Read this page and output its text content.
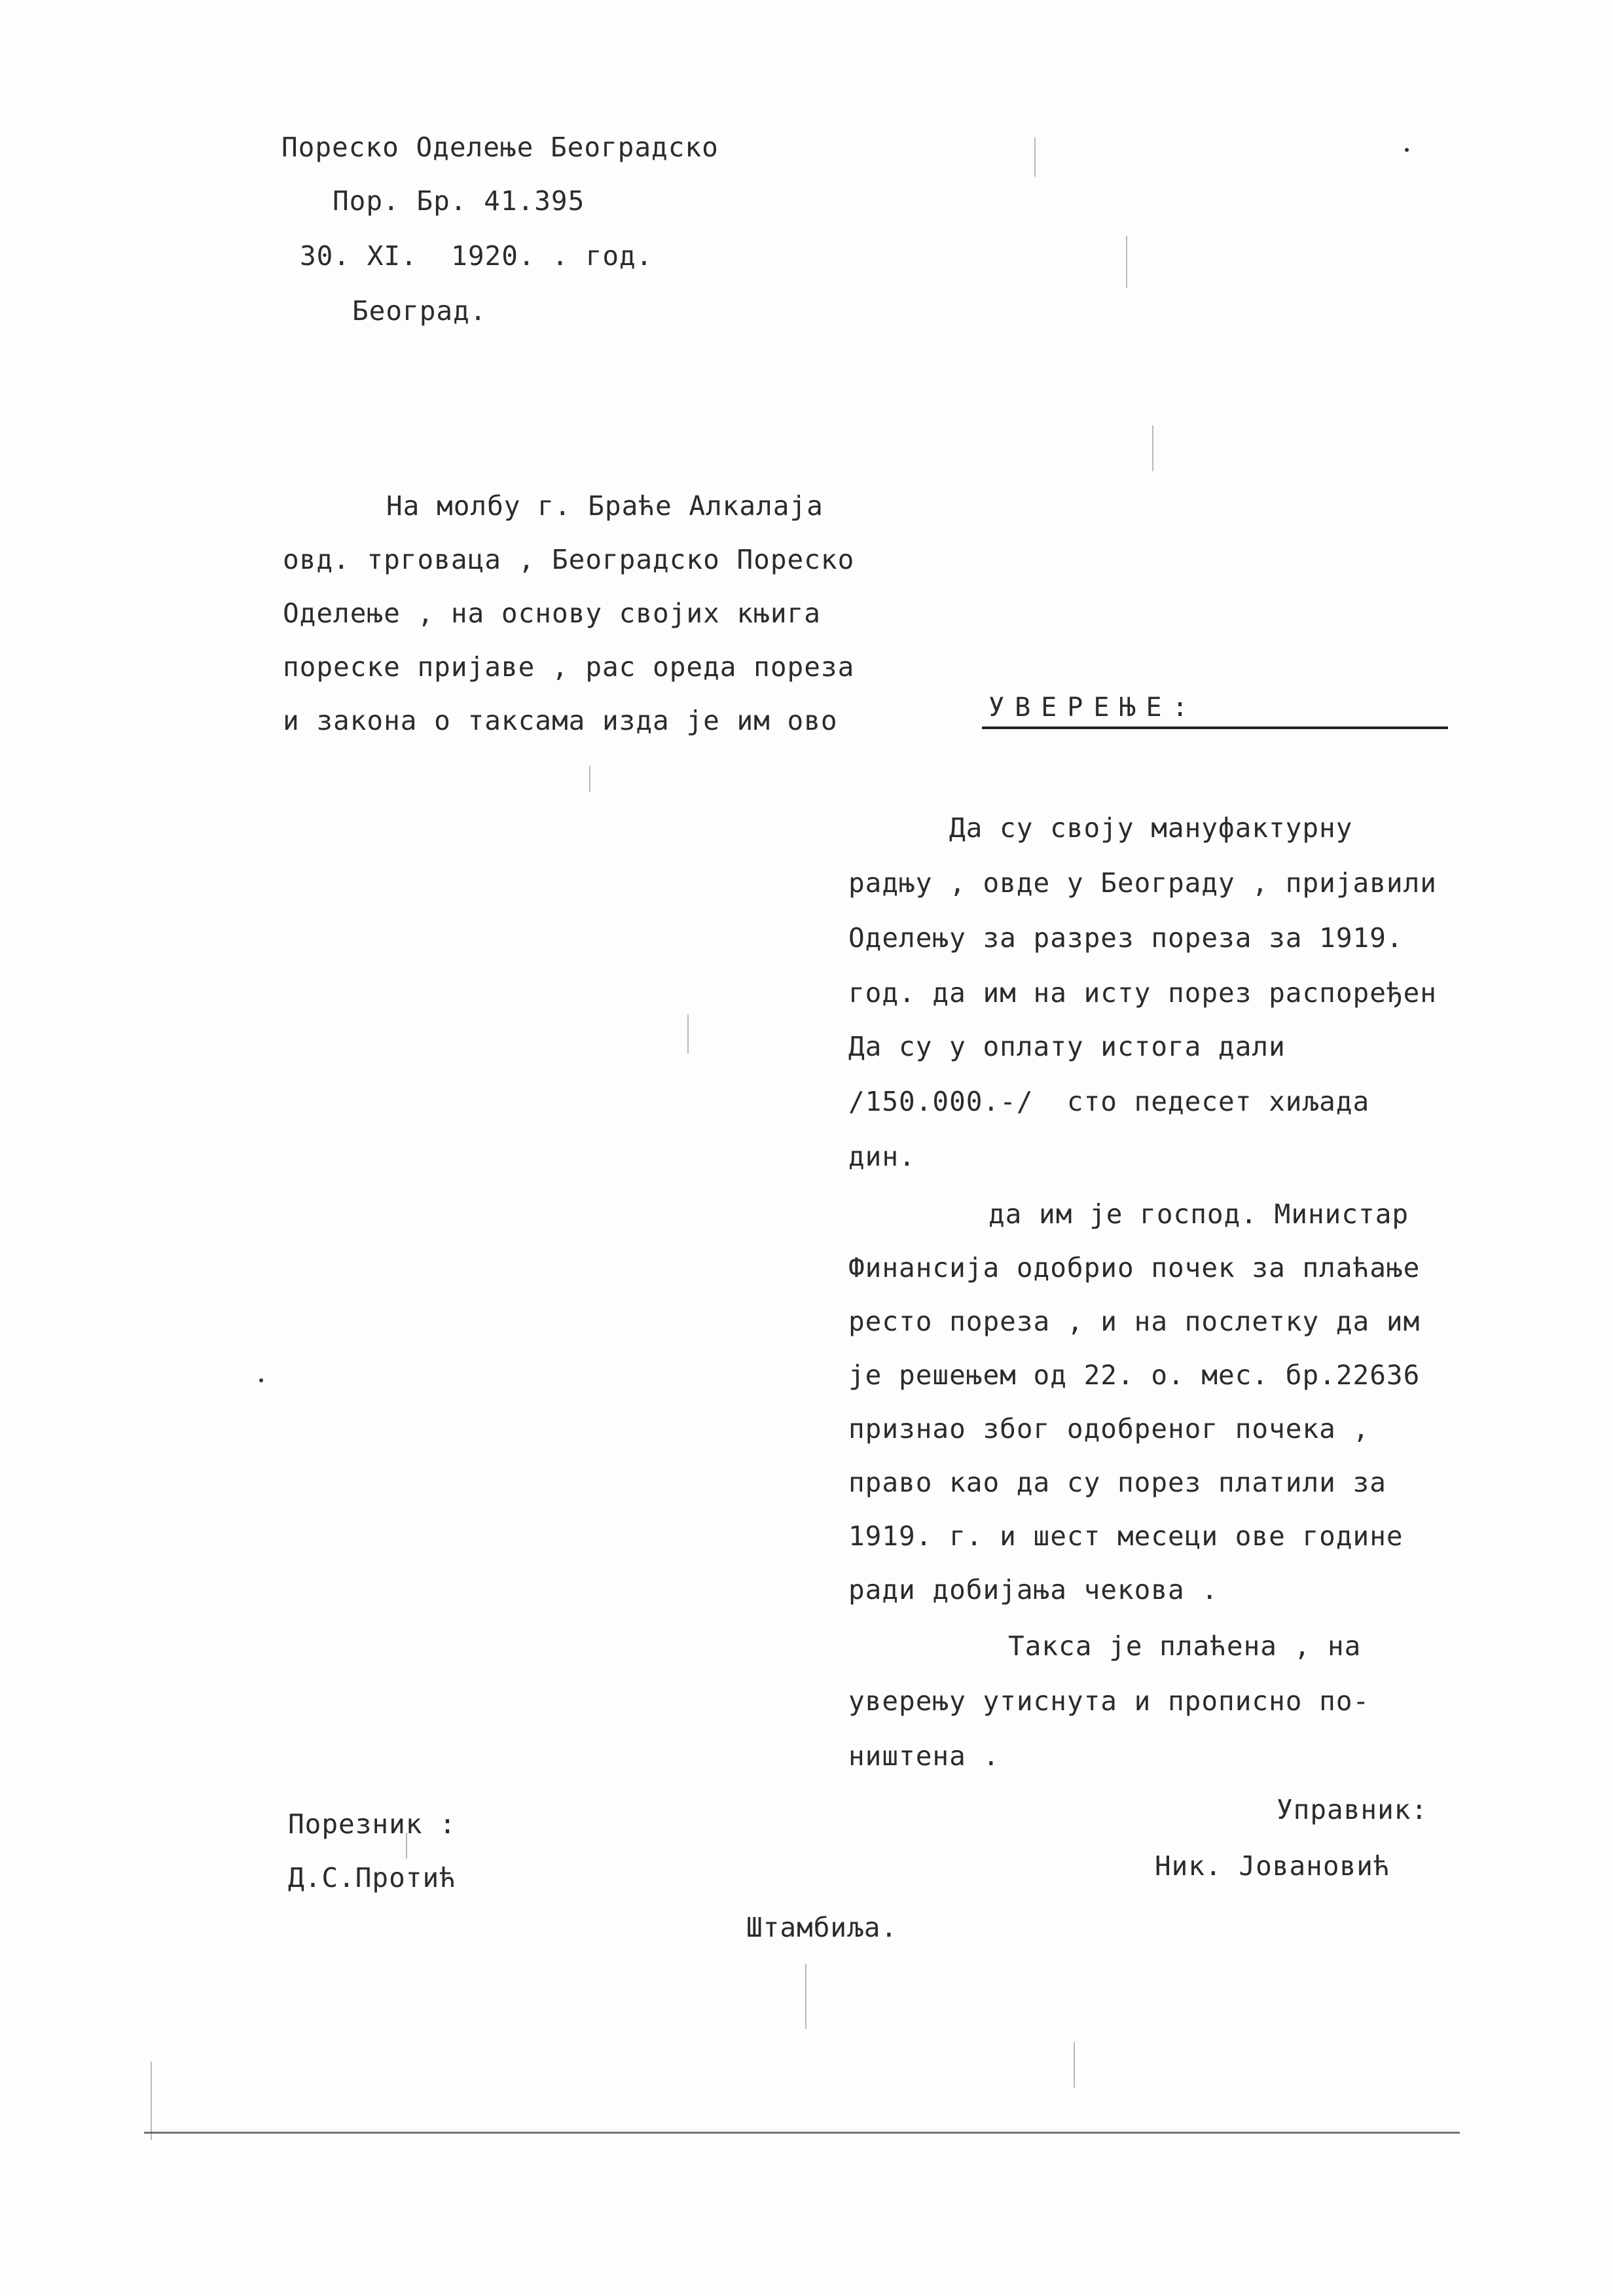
Пореско Оделење Београдско
Пор. Бр. 41.395
30. XI.  1920. . год.
Београд.
На молбу г. Браће Алкалаја
овд. трговаца , Београдско Пореско
Оделење , на основу својих књига
пореске пријаве , рас ореда пореза
и закона о таксама изда је им ово	УВЕРЕЊЕ:
Да су своју мануфактурну
радњу , овде у Београду , пријавили
Оделењу за разрез пореза за 1919.
год. да им на исту порез распоређен
Да су у оплату истога дали
/150.000.-/  сто педесет хиљада
дин.
да им је господ. Министар
Финансија одобрио почек за плаћање
ресто пореза , и на послетку да им
је решењем од 22. о. мес. бр.22636
признао због одобреног почека ,
право као да су порез платили за
1919. г. и шест месеци ове године
ради добијања чекова .
Такса је плаћена , на
уверењу утиснута и прописно по-
ништена .
Управник:
Ник. Јовановић
Порезник :
Д.С.Протић
Штамбиља.
